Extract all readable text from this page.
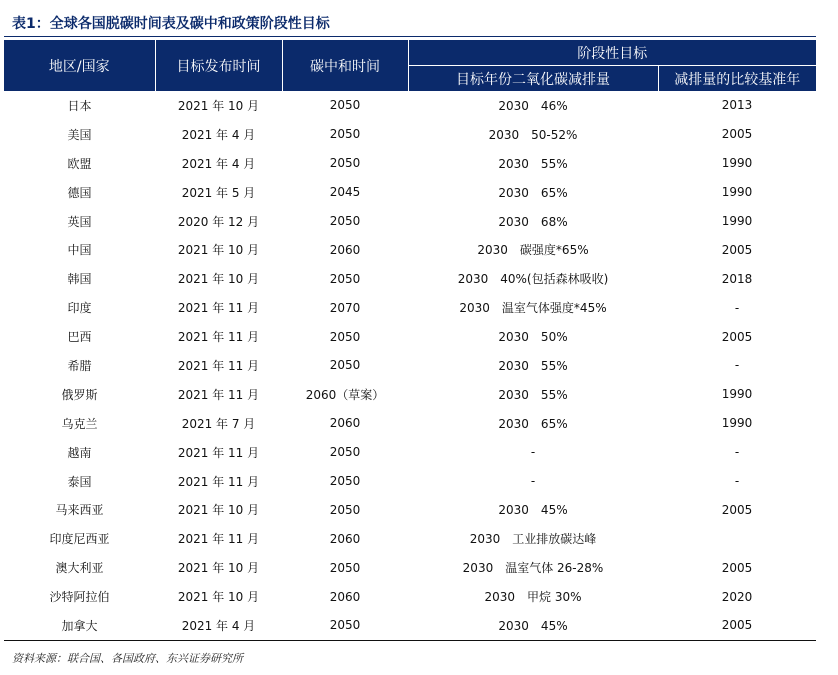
表1：全球各国脱碳时间表及碳中和政策阶段性目标
地区/国家	目标发布时间	碳中和时间	阶段性目标	
			目标年份二氧化碳减排量	减排量的比较基准年
日本	2021 年 10 月	2050	2030　46%	2013
美国	2021 年 4 月	2050	2030　50-52%	2005
欧盟	2021 年 4 月	2050	2030　55%	1990
德国	2021 年 5 月	2045	2030　65%	1990
英国	2020 年 12 月	2050	2030　68%	1990
中国	2021 年 10 月	2060	2030　碳强度*65%	2005
韩国	2021 年 10 月	2050	2030　40%(包括森林吸收)	2018
印度	2021 年 11 月	2070	2030　温室气体强度*45%	-
巴西	2021 年 11 月	2050	2030　50%	2005
希腊	2021 年 11 月	2050	2030　55%	-
俄罗斯	2021 年 11 月	2060（草案）	2030　55%	1990
乌克兰	2021 年 7 月	2060	2030　65%	1990
越南	2021 年 11 月	2050	-	-
泰国	2021 年 11 月	2050	-	-
马来西亚	2021 年 10 月	2050	2030　45%	2005
印度尼西亚	2021 年 11 月	2060	2030　工业排放碳达峰	
澳大利亚	2021 年 10 月	2050	2030　温室气体 26-28%	2005
沙特阿拉伯	2021 年 10 月	2060	2030　甲烷 30%	2020
加拿大	2021 年 4 月	2050	2030　45%	2005
资料来源：联合国、各国政府、东兴证券研究所
